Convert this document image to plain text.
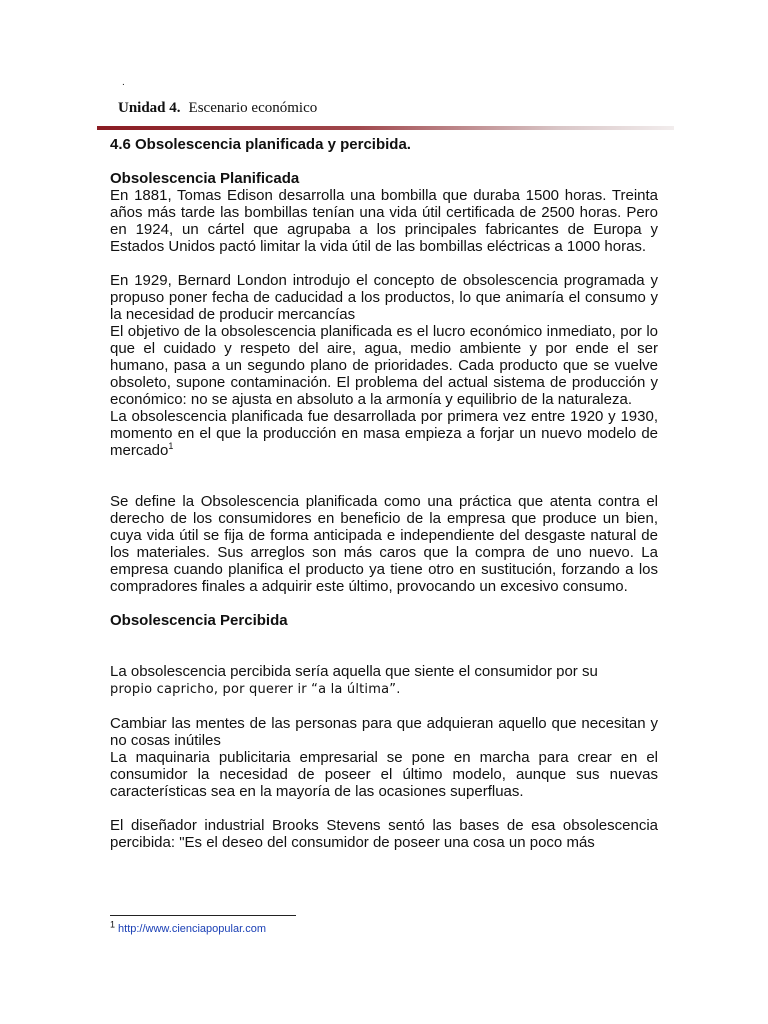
.
Unidad 4. Escenario económico

4.6 Obsolescencia planificada y percibida.

Obsolescencia Planificada

En 1881, Tomas Edison desarrolla una bombilla que duraba 1500 horas. Treinta años más tarde las bombillas tenían una vida útil certificada de 2500 horas. Pero en 1924, un cártel que agrupaba a los principales fabricantes de Europa y Estados Unidos pactó limitar la vida útil de las bombillas eléctricas a 1000 horas.

En 1929, Bernard London introdujo el concepto de obsolescencia programada y propuso poner fecha de caducidad a los productos, lo que animaría el consumo y la necesidad de producir mercancías

El objetivo de la obsolescencia planificada es el lucro económico inmediato, por lo que el cuidado y respeto del aire, agua, medio ambiente y por ende el ser humano, pasa a un segundo plano de prioridades. Cada producto que se vuelve obsoleto, supone contaminación. El problema del actual sistema de producción y económico: no se ajusta en absoluto a la armonía y equilibrio de la naturaleza.

La obsolescencia planificada fue desarrollada por primera vez entre 1920 y 1930, momento en el que la producción en masa empieza a forjar un nuevo modelo de mercado$^1$

Se define la Obsolescencia planificada como una práctica que atenta contra el derecho de los consumidores en beneficio de la empresa que produce un bien, cuya vida útil se fija de forma anticipada e independiente del desgaste natural de los materiales. Sus arreglos son más caros que la compra de uno nuevo. La empresa cuando planifica el producto ya tiene otro en sustitución, forzando a los compradores finales a adquirir este último, provocando un excesivo consumo.

Obsolescencia Percibida

La obsolescencia percibida sería aquella que siente el consumidor por su
propio capricho, por querer ir “a la última”.

Cambiar las mentes de las personas para que adquieran aquello que necesitan y no cosas inútiles

La maquinaria publicitaria empresarial se pone en marcha para crear en el consumidor la necesidad de poseer el último modelo, aunque sus nuevas características sea en la mayoría de las ocasiones superfluas.

El diseñador industrial Brooks Stevens sentó las bases de esa obsolescencia percibida: "Es el deseo del consumidor de poseer una cosa un poco más

$^1$ http://www.cienciapopular.com
